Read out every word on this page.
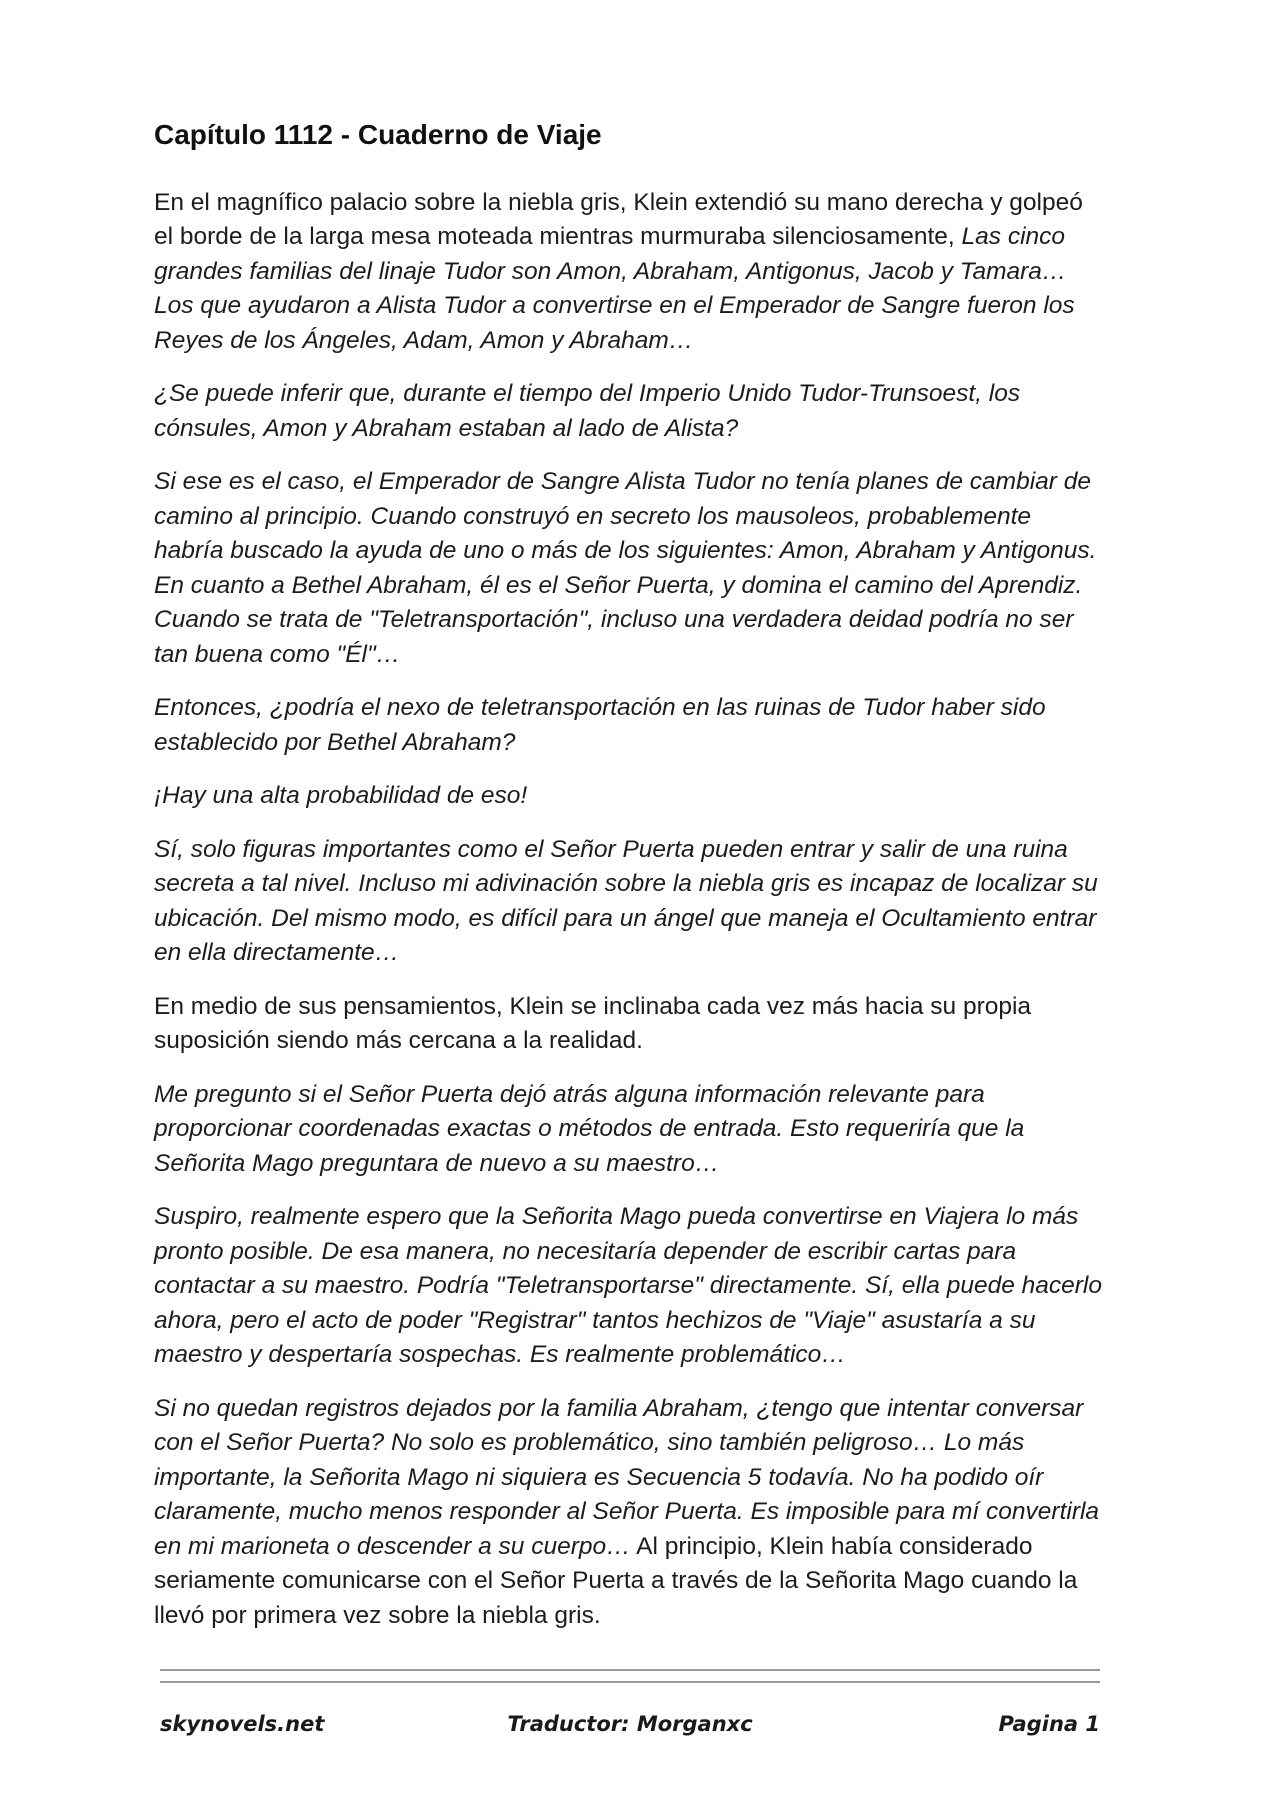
Capítulo 1112 - Cuaderno de Viaje

En el magnífico palacio sobre la niebla gris, Klein extendió su mano derecha y golpeó el borde de la larga mesa moteada mientras murmuraba silenciosamente, Las cinco grandes familias del linaje Tudor son Amon, Abraham, Antigonus, Jacob y Tamara… Los que ayudaron a Alista Tudor a convertirse en el Emperador de Sangre fueron los Reyes de los Ángeles, Adam, Amon y Abraham…

¿Se puede inferir que, durante el tiempo del Imperio Unido Tudor-Trunsoest, los cónsules, Amon y Abraham estaban al lado de Alista?

Si ese es el caso, el Emperador de Sangre Alista Tudor no tenía planes de cambiar de camino al principio. Cuando construyó en secreto los mausoleos, probablemente habría buscado la ayuda de uno o más de los siguientes: Amon, Abraham y Antigonus. En cuanto a Bethel Abraham, él es el Señor Puerta, y domina el camino del Aprendiz. Cuando se trata de "Teletransportación", incluso una verdadera deidad podría no ser tan buena como "Él"…

Entonces, ¿podría el nexo de teletransportación en las ruinas de Tudor haber sido establecido por Bethel Abraham?

¡Hay una alta probabilidad de eso!

Sí, solo figuras importantes como el Señor Puerta pueden entrar y salir de una ruina secreta a tal nivel. Incluso mi adivinación sobre la niebla gris es incapaz de localizar su ubicación. Del mismo modo, es difícil para un ángel que maneja el Ocultamiento entrar en ella directamente…

En medio de sus pensamientos, Klein se inclinaba cada vez más hacia su propia suposición siendo más cercana a la realidad.

Me pregunto si el Señor Puerta dejó atrás alguna información relevante para proporcionar coordenadas exactas o métodos de entrada. Esto requeriría que la Señorita Mago preguntara de nuevo a su maestro…

Suspiro, realmente espero que la Señorita Mago pueda convertirse en Viajera lo más pronto posible. De esa manera, no necesitaría depender de escribir cartas para contactar a su maestro. Podría "Teletransportarse" directamente. Sí, ella puede hacerlo ahora, pero el acto de poder "Registrar" tantos hechizos de "Viaje" asustaría a su maestro y despertaría sospechas. Es realmente problemático…

Si no quedan registros dejados por la familia Abraham, ¿tengo que intentar conversar con el Señor Puerta? No solo es problemático, sino también peligroso… Lo más importante, la Señorita Mago ni siquiera es Secuencia 5 todavía. No ha podido oír claramente, mucho menos responder al Señor Puerta. Es imposible para mí convertirla en mi marioneta o descender a su cuerpo… Al principio, Klein había considerado seriamente comunicarse con el Señor Puerta a través de la Señorita Mago cuando la llevó por primera vez sobre la niebla gris.

skynovels.net	Traductor: Morganxc	Pagina 1
